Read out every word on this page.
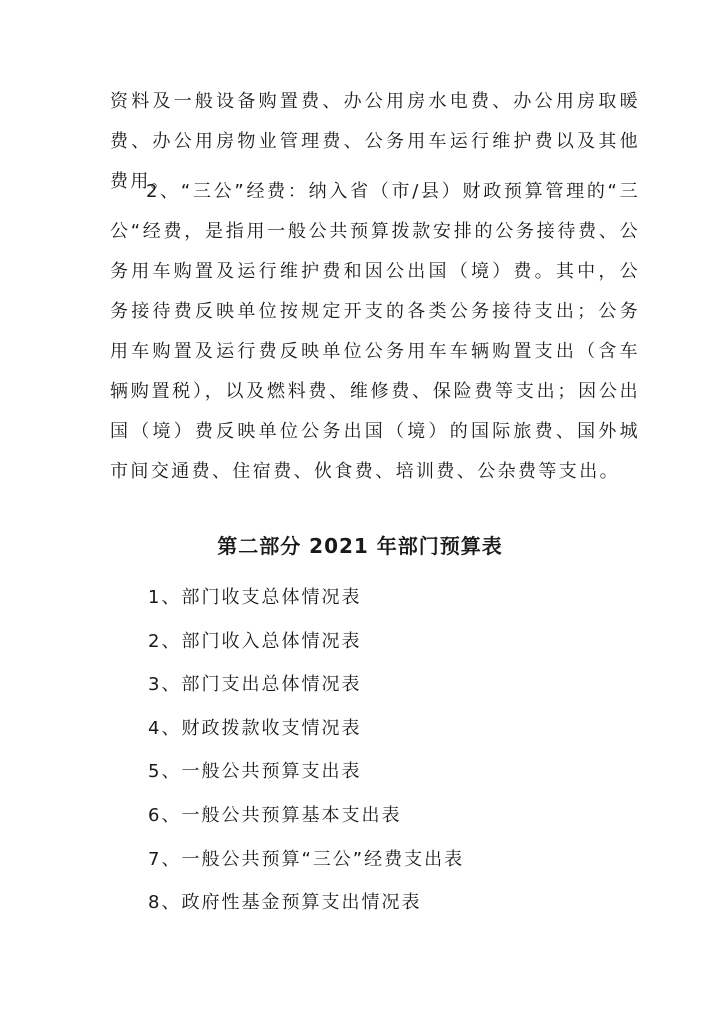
资料及一般设备购置费、办公用房水电费、办公用房取暖费、办公用房物业管理费、公务用车运行维护费以及其他费用。

2、“三公”经费：纳入省（市/县）财政预算管理的“三公“经费，是指用一般公共预算拨款安排的公务接待费、公务用车购置及运行维护费和因公出国（境）费。其中，公务接待费反映单位按规定开支的各类公务接待支出；公务用车购置及运行费反映单位公务用车车辆购置支出（含车辆购置税），以及燃料费、维修费、保险费等支出；因公出国（境）费反映单位公务出国（境）的国际旅费、国外城市间交通费、住宿费、伙食费、培训费、公杂费等支出。

第二部分 2021 年部门预算表
1、部门收支总体情况表
2、部门收入总体情况表
3、部门支出总体情况表
4、财政拨款收支情况表
5、一般公共预算支出表
6、一般公共预算基本支出表
7、一般公共预算“三公”经费支出表
8、政府性基金预算支出情况表
